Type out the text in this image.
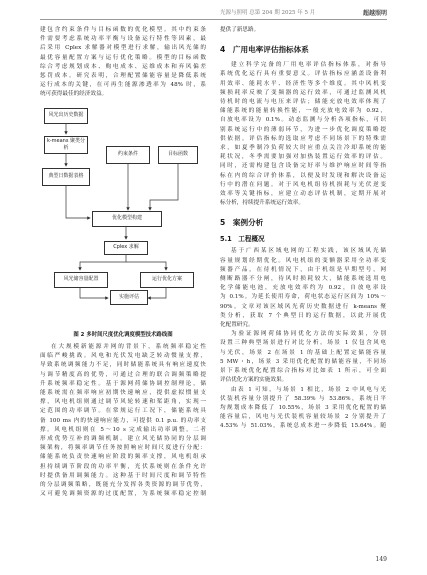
光源与照明 总第 204 期 2025 年 5 月	超越照明

建包含约束条件与目标函数的优化模型。其中约束条

件需要考虑系统功率平衡与设备运行特性等因素，最

后采用 Cplex 求解器对模型进行求解，输出风光储的

最优容量配置方案与运行优化策略。模型的目标函数

综合考虑规划成本、购电成本、运维成本和弃风偏差

惩罚成本。研究表明，合理配置储能容量是降低系统

运行成本的关键，在可再生能源渗透率为 48% 时，系

统可获得最佳的经济效益。

风光出历史数据
k-means 聚类分析
典型日数据表格
约束条件	目标函数
优化模型构建
Cplex 求解
风光储容量配置	运行优化方案
实施评估
图 2 多时间尺度优化调度模型技术路线图

在大规模新能源并网的背景下，系统频率稳定性

面临严峻挑战。风电和光伏发电缺乏转动惯量支撑，

导致系统调频能力不足，同时储能系统具有响应速度快

与调节精度高的优势，可通过合理的联合调频策略提

升系统频率稳定性。基于源网荷储协调控制理论，储

能系统需在频率响应初期快速响应，提供虚拟惯量支

撑，风电机组则通过调节风轮转速和桨距角，实现一

定范围的功率调节。在常规运行工况下，储能系统具

备 100 ms 内的快速响应能力，可提供 0.1 p.u. 的功率支

撑。风电机组则在 5～10 s 完成输出功率调整，二者

形成优势互补的调频机制。建立风光储协同的分层调

频架构，将频率调节任务按照响应时间尺度进行分配：

储能系统负责快速响应阶段的频率支撑，风电机组承

担持续调节阶段的功率平衡，光伏系统则在条件允许

时提供备用调频能力。这种基于时间尺度和调节特性

的分层调频策略，既能充分发挥各类资源的调节优势，

又可避免调频资源的过度配置，为系统频率稳定控制

提供了新思路。

4　广用电率评估指标体系

建立科学完备的厂用电率评估指标体系，对指导

系统优化运行具有重要意义。评估指标应涵盖设备利

用效率、能耗水平、经济性等多个维度。其中风机变

频损耗率反映了变频器的运行效率，可通过监测风机

待机时的电流与电压来评估；储能充放电效率体现了

储能系统的能量转换性能，一般充放电效率为 0.92，

自放电率设为 0.1%。动态监测与分析各项指标，可识

别系统运行中的薄弱环节，为进一步优化调度策略提

供依据。评估指标的选取应考虑不同场景下的特殊需

求，如夏季制冷负荷较大时应重点关注冷却系统的能

耗状况，冬季需要加强对加热装置运行效率的评估。

同时，还需构建包含设备完好率与维护响应时间等指

标在内的综合评价体系，以便及时发现和解决设备运

行中的潜在问题。对于风电机组待机损耗与光伏逆变

效率等关键指标，应建立动态评估机制，定期开展对

标分析，持续提升系统运行效率。

5　案例分析
5.1　工程概况

基于广西某区域电网的工程实践，该区域风光储

容量规划经期优化。风电机组的变额器采用全功率变

频器产品，在待机情况下，由于机组是早期型号，网

侧断路器不分闸，待风时损耗较大，储能系统选用电

化学储能电池，充放电效率约为 0.92，自放电率设

为 0.1%。为延长使用寿命，荷电状态运行区间为 10%～

90%。文章对该区域风光荷历史数据进行 k-means 聚

类分析，获取 7 个典型日的运行数据，以此开展优

化配置研究。

为验证源网荷储协同优化方法的实际效果，分别

设置三种典型场景进行对比分析。场景 1 仅包含风电

与光伏，场景 2 在场景 1 的基础上配置定储能容量

5 MW・h，场景 3 采用优化配置的储能容量，不同场

景下系统优化配置综合指标对比如表 1 所示，可全面

评估优化方案的实施效果。

由表 1 可知，与场景 1 相比，场景 2 中风电与光

伏装机容量分别提升了 58.39% 与 53.86%，系统日平

均规划成本降低了 10.55%，场景 3 采用优化配置的储

能容量后，风电与光伏装机容量较场景 2 分别提升了

4.53% 与 51.03%，系统总成本进一步降低 15.64%。随

149
